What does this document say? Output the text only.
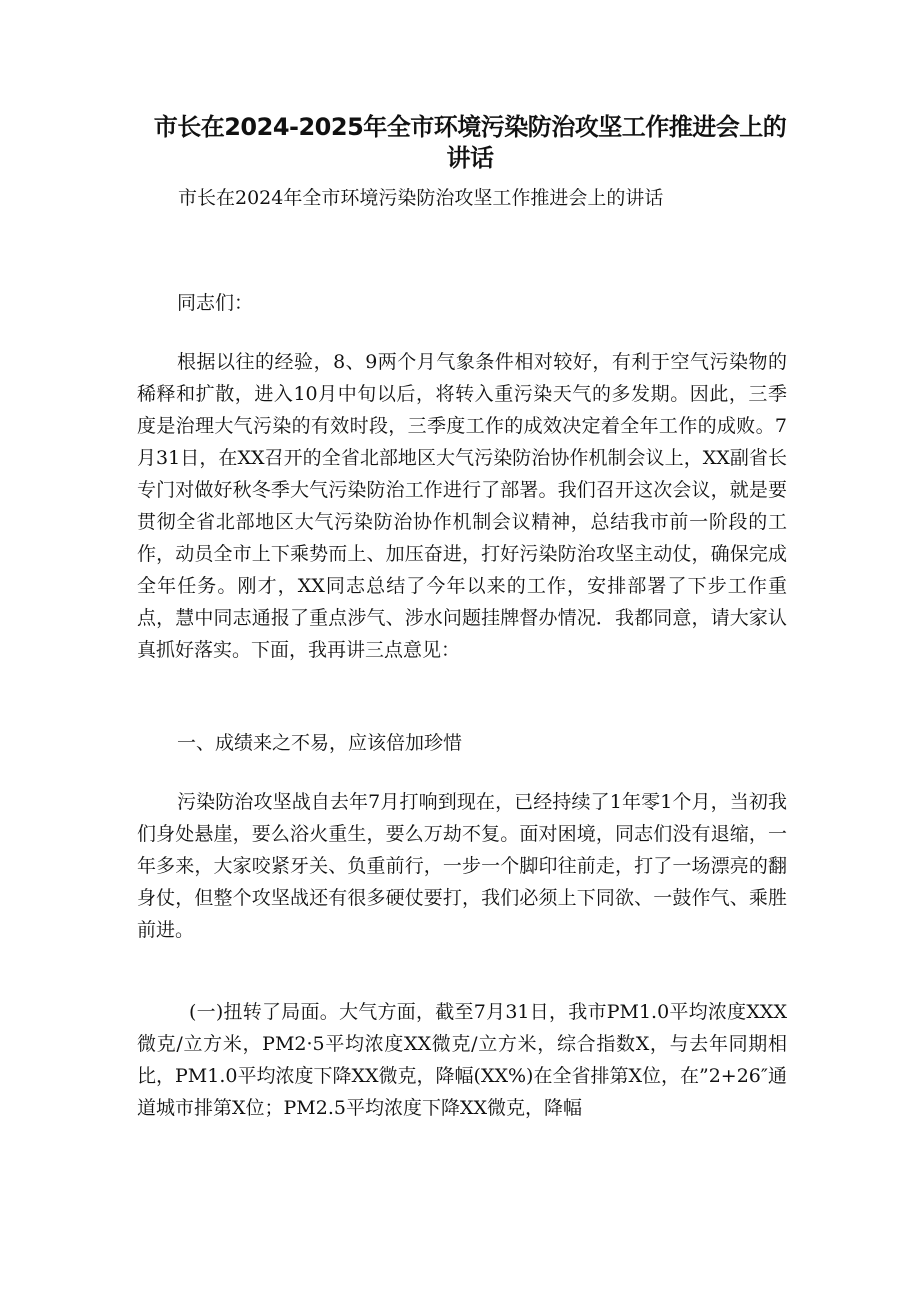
市长在2024-2025年全市环境污染防治攻坚工作推进会上的讲话

市长在2024年全市环境污染防治攻坚工作推进会上的讲话

同志们：

根据以往的经验，8、9两个月气象条件相对较好，有利于空气污染物的稀释和扩散，进入10月中旬以后，将转入重污染天气的多发期。因此，三季度是治理大气污染的有效时段，三季度工作的成效决定着全年工作的成败。7月31日，在XX召开的全省北部地区大气污染防治协作机制会议上，XX副省长专门对做好秋冬季大气污染防治工作进行了部署。我们召开这次会议，就是要贯彻全省北部地区大气污染防治协作机制会议精神，总结我市前一阶段的工作，动员全市上下乘势而上、加压奋进，打好污染防治攻坚主动仗，确保完成全年任务。刚才，XX同志总结了今年以来的工作，安排部署了下步工作重点，慧中同志通报了重点涉气、涉水问题挂牌督办情况．我都同意，请大家认真抓好落实。下面，我再讲三点意见：

一、成绩来之不易，应该倍加珍惜

污染防治攻坚战自去年7月打响到现在，已经持续了1年零1个月，当初我们身处悬崖，要么浴火重生，要么万劫不复。面对困境，同志们没有退缩，一年多来，大家咬紧牙关、负重前行，一步一个脚印往前走，打了一场漂亮的翻身仗，但整个攻坚战还有很多硬仗要打，我们必须上下同欲、一鼓作气、乘胜前进。

(一)扭转了局面。大气方面，截至7月31日，我市PM1.0平均浓度XXX微克/立方米，PM2·5平均浓度XX微克/立方米，综合指数X，与去年同期相比，PM1.0平均浓度下降XX微克，降幅(XX%)在全省排第X位，在”2+26″通道城市排第X位；PM2.5平均浓度下降XX微克，降幅
